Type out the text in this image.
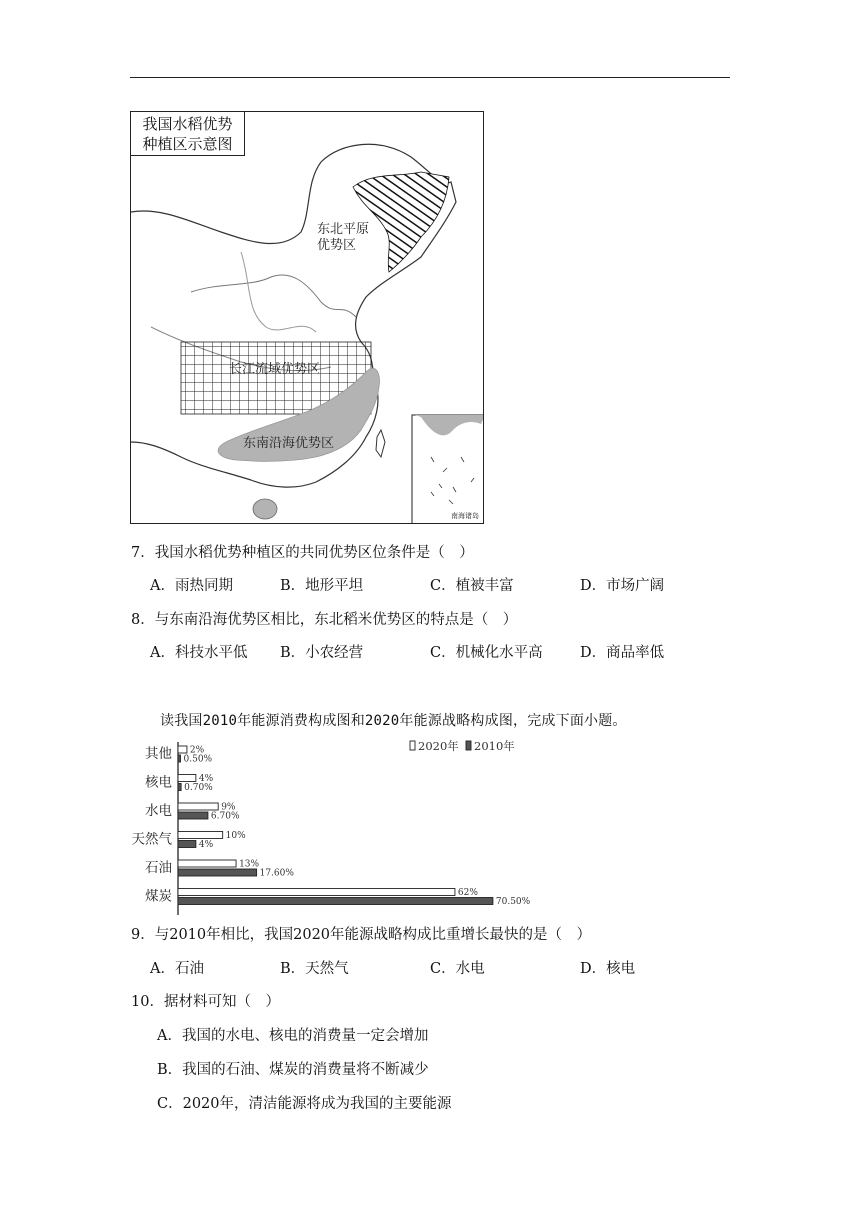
我国水稻优势
种植区示意图
东北平原
优势区
长江流域优势区
东南沿海优势区
南海诸岛
7．我国水稻优势种植区的共同优势区位条件是（　）
A．雨热同期	B．地形平坦	C．植被丰富	D．市场广阔
8．与东南沿海优势区相比，东北稻米优势区的特点是（　）
A．科技水平低 B．小农经营	C．机械化水平高	D．商品率低
读我国2010年能源消费构成图和2020年能源战略构成图，完成下面小题。
其他 2%
0.50%
核电	4%
0.70%
水电	9%
6.70%
天然气	10%
4%
石油	13%
17.60%
煤炭	62%
70.50%
2020年 2010年
9．与2010年相比，我国2020年能源战略构成比重增长最快的是（　）
A．石油	B．天然气	C．水电	D．核电
10．据材料可知（　）
A．我国的水电、核电的消费量一定会增加
B．我国的石油、煤炭的消费量将不断减少
C．2020年，清洁能源将成为我国的主要能源
